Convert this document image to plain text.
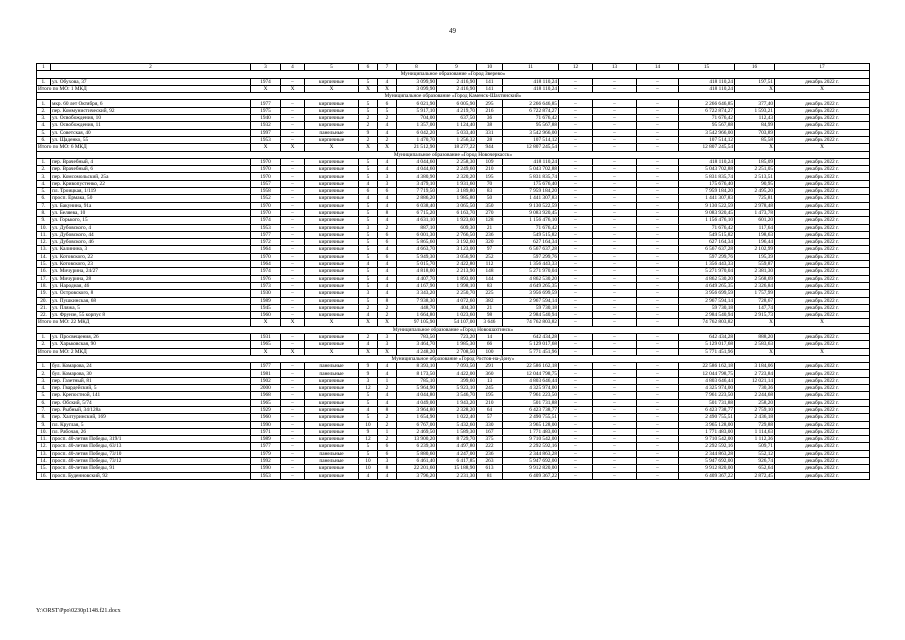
49
1	2	3	4	5	6	7	8	9	10	11	12	13	14	15	16	17
Муниципальное образование «Город Зверево»																
1.	ул. Обухова, 37	1974	–	кирпичные	5	4	3 099,90	2 416,90	141	418 110,24	–	–	–	418 110,24	197,51	декабрь 2022 г.
Итого по МО: 1 МКД		X	X	X	X	X	3 099,90	2 416,90	141	418 110,24	–	–	–	418 110,24	X	X
Муниципальное образование «Город Каменск-Шахтинский»																
1.	мкр. 60 лет Октября, 6	1977	–	кирпичные	5	6	6 021,90	6 005,90	295	2 266 646,85	–	–	–	2 266 646,85	377,40	декабрь 2022 г.
2.	пер. Коммунистический, 92	1975	–	кирпичные	5	5	5 917,10	4 219,70	216	6 722 874,27	–	–	–	6 722 874,27	1 593,21	декабрь 2022 г.
3.	ул. Освобождения, 10	1940	–	кирпичные	2	2	704,00	637,50	36	71 676,42	–	–	–	71 676,42	112,43	декабрь 2022 г.
4.	ул. Освобождения, 11	1932	–	кирпичные	2	4	1 357,00	1 124,40	38	95 567,88	–	–	–	95 567,88	84,99	декабрь 2022 г.
5.	ул. Советская, 40	1997	–	панельные	9	4	6 042,20	5 033,40	331	3 542 966,00	–	–	–	3 542 966,00	703,89	декабрь 2022 г.
6.	ул. Щаденко, 55	1953	–	кирпичные	2	2	1 470,70	1 256,32	28	107 514,12	–	–	–	107 514,12	85,58	декабрь 2022 г.
Итого по МО: 6 МКД		X	X	X	X	X	21 512,90	18 277,22	944	12 807 245,54	–	–	–	12 807 245,54	X	X
Муниципальное образование «Город Новочеркасск»																
1.	пер. Врачебный, 4	1970	–	кирпичные	5	4	4 044,60	2 258,30	109	418 110,24	–	–	–	418 110,24	185,09	декабрь 2022 г.
2.	пер. Врачебный, 6	1970	–	кирпичные	5	4	4 044,60	2 249,60	210	5 043 702,88	–	–	–	5 043 702,88	2 251,05	декабрь 2022 г.
3.	пер. Комсомольский, 25а	1970	–	кирпичные	5	3	4 380,90	2 320,20	195	5 831 835,74	–	–	–	5 831 835,74	2 513,51	декабрь 2022 г.
4.	пер. Кривопустенко, 22	1957	–	кирпичные	4	3	3 479,10	1 931,60	70	175 676,40	–	–	–	175 676,40	90,95	декабрь 2022 г.
5.	пл. Троицкая, 1/119	1958	–	кирпичные	6	6	7 719,50	3 189,80	83	7 959 184,20	–	–	–	7 959 184,20	2 495,20	декабрь 2022 г.
6.	просп. Ермака, 50	1952	–	кирпичные	4	4	2 886,20	1 985,80	50	1 441 307,83	–	–	–	1 441 307,83	725,81	декабрь 2022 г.
7.	ул. Бакунина, 91а	1970	–	кирпичные	5	4	6 038,40	3 065,50	350	9 130 522,59	–	–	–	9 130 522,59	2 978,48	декабрь 2022 г.
8.	ул. Беляева, 10	1970	–	кирпичные	5	8	6 715,20	6 163,70	270	9 083 920,45	–	–	–	9 083 920,45	1 473,78	декабрь 2022 г.
9.	ул. Горького, 15	1974	–	кирпичные	5	4	4 631,10	1 923,60	128	1 156 476,10	–	–	–	1 156 476,10	601,20	декабрь 2022 г.
10.	ул. Дубовского, 4	1953	–	кирпичные	3	2	887,10	609,30	21	71 676,42	–	–	–	71 676,42	117,64	декабрь 2022 г.
11.	ул. Дубовского, 44	1977	–	кирпичные	5	6	6 001,30	2 766,50	236	549 515,82	–	–	–	549 515,82	198,63	декабрь 2022 г.
12.	ул. Дубовского, 46	1972	–	кирпичные	5	6	5 865,60	3 192,60	320	627 164,34	–	–	–	627 164,34	196,44	декабрь 2022 г.
13.	ул. Калинина, 3	1964	–	кирпичные	5	4	4 663,70	3 123,00	97	6 567 637,28	–	–	–	6 567 637,28	2 102,99	декабрь 2022 г.
14.	ул. Котовского, 22	1970	–	кирпичные	5	6	5 949,30	3 056,90	252	597 299,76	–	–	–	597 299,76	195,39	декабрь 2022 г.
15.	ул. Котовского, 23	1964	–	кирпичные	4	4	5 015,70	2 422,80	112	1 356 443,33	–	–	–	1 356 443,33	559,87	декабрь 2022 г.
16.	ул. Мичурина, 24/27	1974	–	кирпичные	5	4	4 818,00	2 213,90	148	5 271 970,04	–	–	–	5 271 970,04	2 381,30	декабрь 2022 г.
17.	ул. Мичурина, 28	1976	–	кирпичные	5	4	4 407,70	1 893,00	144	4 862 530,20	–	–	–	4 862 530,20	2 568,69	декабрь 2022 г.
18.	ул. Народная, 46	1973	–	кирпичные	5	4	4 167,90	1 998,10	83	4 649 265,35	–	–	–	4 649 265,35	2 326,84	декабрь 2022 г.
19.	ул. Островского, 8	1930	–	кирпичные	3	4	3 343,20	2 250,70	225	3 956 699,59	–	–	–	3 956 699,59	1 757,99	декабрь 2022 г.
20.	ул. Пушкинская, 68	1989	–	кирпичные	5	8	7 938,30	4 072,60	382	2 967 594,14	–	–	–	2 967 594,14	728,67	декабрь 2022 г.
21.	ул. Пляжа, 5	1945	–	кирпичные	2	2	448,70	404,30	21	59 730,18	–	–	–	59 730,18	147,74	декабрь 2022 г.
22.	ул. Фрунзе, 55 корпус 8	1960	–	кирпичные	4	2	1 664,80	1 023,60	98	2 984 540,94	–	–	–	2 984 540,94	2 915,73	декабрь 2022 г.
Итого по МО: 22 МКД		X	X	X	X	X	97 105,90	54 107,00	3 646	74 762 803,82	–	–	–	74 762 803,82	X	X
Муниципальное образование «Город Новошахтинск»																
1.	ул. Просвещения, 26	1931	–	кирпичные	2	3	783,50	723,20	14	642 434,28	–	–	–	642 434,28	888,20	декабрь 2022 г.
2.	ул. Харьковская, 90	1965	–	кирпичные	4	3	3 464,70	1 985,30	66	5 129 017,68	–	–	–	5 129 017,68	2 583,63	декабрь 2022 г.
Итого по МО: 2 МКД		X	X	X	X	X	4 248,20	2 708,50	100	5 771 451,96	–	–	–	5 771 451,96	X	X
Муниципальное образование «Город Ростов-на-Дону»																
1.	бул. Комарова, 24	1977	–	панельные	9	4	8 393,10	7 093,50	291	22 586 162,18	–	–	–	22 586 162,18	3 184,06	декабрь 2022 г.
2.	бул. Комарова, 30	1981	–	панельные	9	4	8 173,50	4 422,00	360	12 044 798,75	–	–	–	12 044 798,75	2 723,84	декабрь 2022 г.
3.	пер. Газетный, 81	1902	–	кирпичные	3	1	785,10	399,60	13	4 803 646,44	–	–	–	4 803 646,44	12 021,14	декабрь 2022 г.
4.	пер. Гвардейский, 5	2000	–	кирпичные	12	2	5 964,90	5 923,10	245	4 325 974,00	–	–	–	4 325 974,00	730,36	декабрь 2022 г.
5.	пер. Крепостной, 141	1968	–	кирпичные	5	4	4 044,80	3 546,70	195	7 961 223,50	–	–	–	7 961 223,50	2 244,68	декабрь 2022 г.
6.	пер. Обский, 5/74	1965	–	кирпичные	5	4	4 049,00	1 943,20	210	501 731,88	–	–	–	501 731,88	258,20	декабрь 2022 г.
7.	пер. Рыбный, 34/128а	1929	–	кирпичные	4	8	3 964,80	2 328,20	64	6 423 738,77	–	–	–	6 423 738,77	2 759,10	декабрь 2022 г.
8.	пер. Халтуринский, 169	1960	–	кирпичные	5	2	1 654,90	1 022,40	57	2 490 755,51	–	–	–	2 490 755,51	2 436,18	декабрь 2022 г.
9.	пл. Круглая, 5	1990	–	кирпичные	10	2	6 767,00	5 432,60	330	3 965 128,00	–	–	–	3 965 128,00	729,88	декабрь 2022 г.
10.	пл. Рабочая, 26	1971	–	кирпичные	9	1	2 469,50	1 589,30	167	1 771 483,00	–	–	–	1 771 483,00	1 114,63	декабрь 2022 г.
11.	просп. 40-летия Победы, 319/1	1989	–	кирпичные	12	2	13 900,20	8 729,70	375	9 710 542,00	–	–	–	9 710 542,00	1 112,36	декабрь 2022 г.
12.	просп. 40-летия Победы, 63/13	1977	–	кирпичные	5	6	6 239,30	4 497,80	222	2 292 592,16	–	–	–	2 292 592,16	509,71	декабрь 2022 г.
13.	просп. 40-летия Победы, 73/10	1979	–	панельные	5	6	5 880,60	4 247,00	236	2 344 863,28	–	–	–	2 344 863,28	552,12	декабрь 2022 г.
14.	просп. 40-летия Победы, 73/12	1992	–	панельные	10	3	6 461,40	6 417,85	263	5 947 692,00	–	–	–	5 947 692,00	926,74	декабрь 2022 г.
15.	просп. 40-летия Победы, 91	1990	–	кирпичные	10	8	22 201,60	15 188,90	613	9 912 820,00	–	–	–	9 912 820,00	652,64	декабрь 2022 г.
16.	просп. Буденновский, 92	1953	–	кирпичные	4	4	3 796,20	2 231,30	81	6 409 367,22	–	–	–	6 409 367,22	2 872,45	декабрь 2022 г.
Y:\ORST\Ppo\0230p1148.f21.docx
